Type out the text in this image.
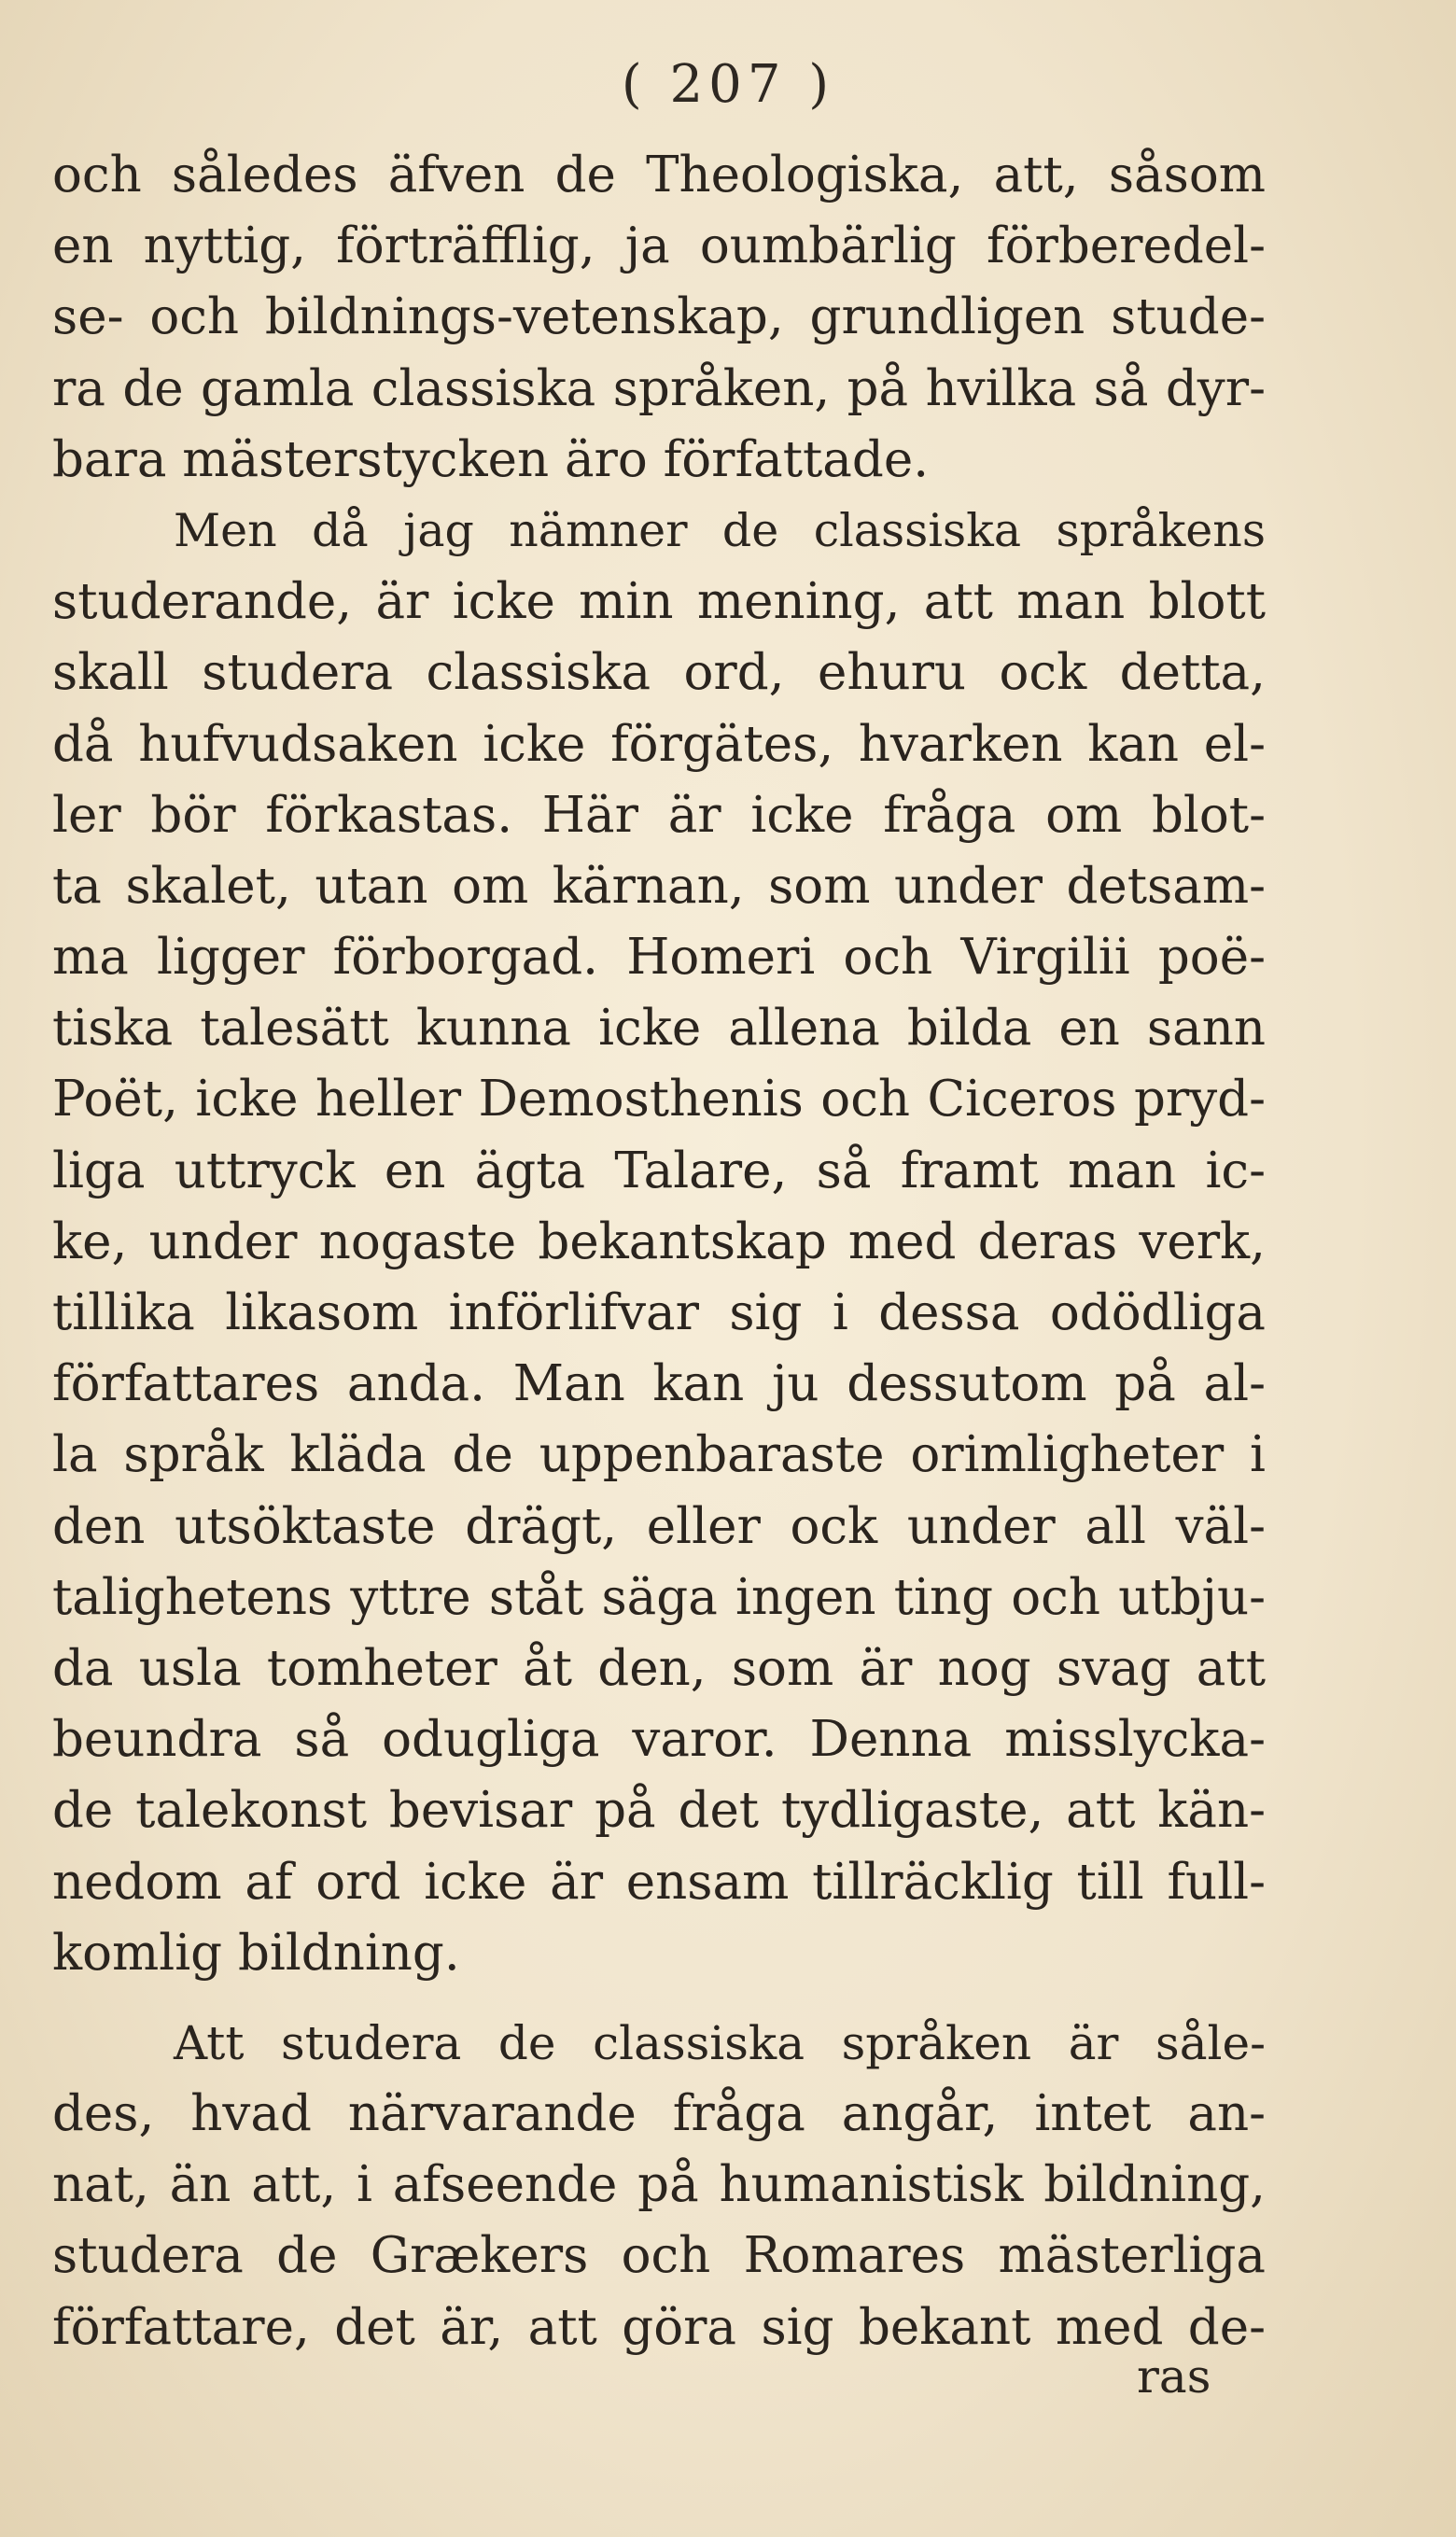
( 207 )
och således äfven de Theologiska, att, såsom
en nyttig, förträfflig, ja oumbärlig förberedel-
se- och bildnings-vetenskap, grundligen stude-
ra de gamla classiska språken, på hvilka så dyr-
bara mästerstycken äro författade.
Men då jag nämner de classiska språkens
studerande, är icke min mening, att man blott
skall studera classiska ord, ehuru ock detta,
då hufvudsaken icke förgätes, hvarken kan el-
ler bör förkastas. Här är icke fråga om blot-
ta skalet, utan om kärnan, som under detsam-
ma ligger förborgad. Homeri och Virgilii poë-
tiska talesätt kunna icke allena bilda en sann
Poët, icke heller Demosthenis och Ciceros pryd-
liga uttryck en ägta Talare, så framt man ic-
ke, under nogaste bekantskap med deras verk,
tillika likasom införlifvar sig i dessa odödliga
författares anda. Man kan ju dessutom på al-
la språk kläda de uppenbaraste orimligheter i
den utsöktaste drägt, eller ock under all väl-
talighetens yttre ståt säga ingen ting och utbju-
da usla tomheter åt den, som är nog svag att
beundra så odugliga varor. Denna misslycka-
de talekonst bevisar på det tydligaste, att kän-
nedom af ord icke är ensam tillräcklig till full-
komlig bildning.
Att studera de classiska språken är såle-
des, hvad närvarande fråga angår, intet an-
nat, än att, i afseende på humanistisk bildning,
studera de Grækers och Romares mästerliga
författare, det är, att göra sig bekant med de-
ras
